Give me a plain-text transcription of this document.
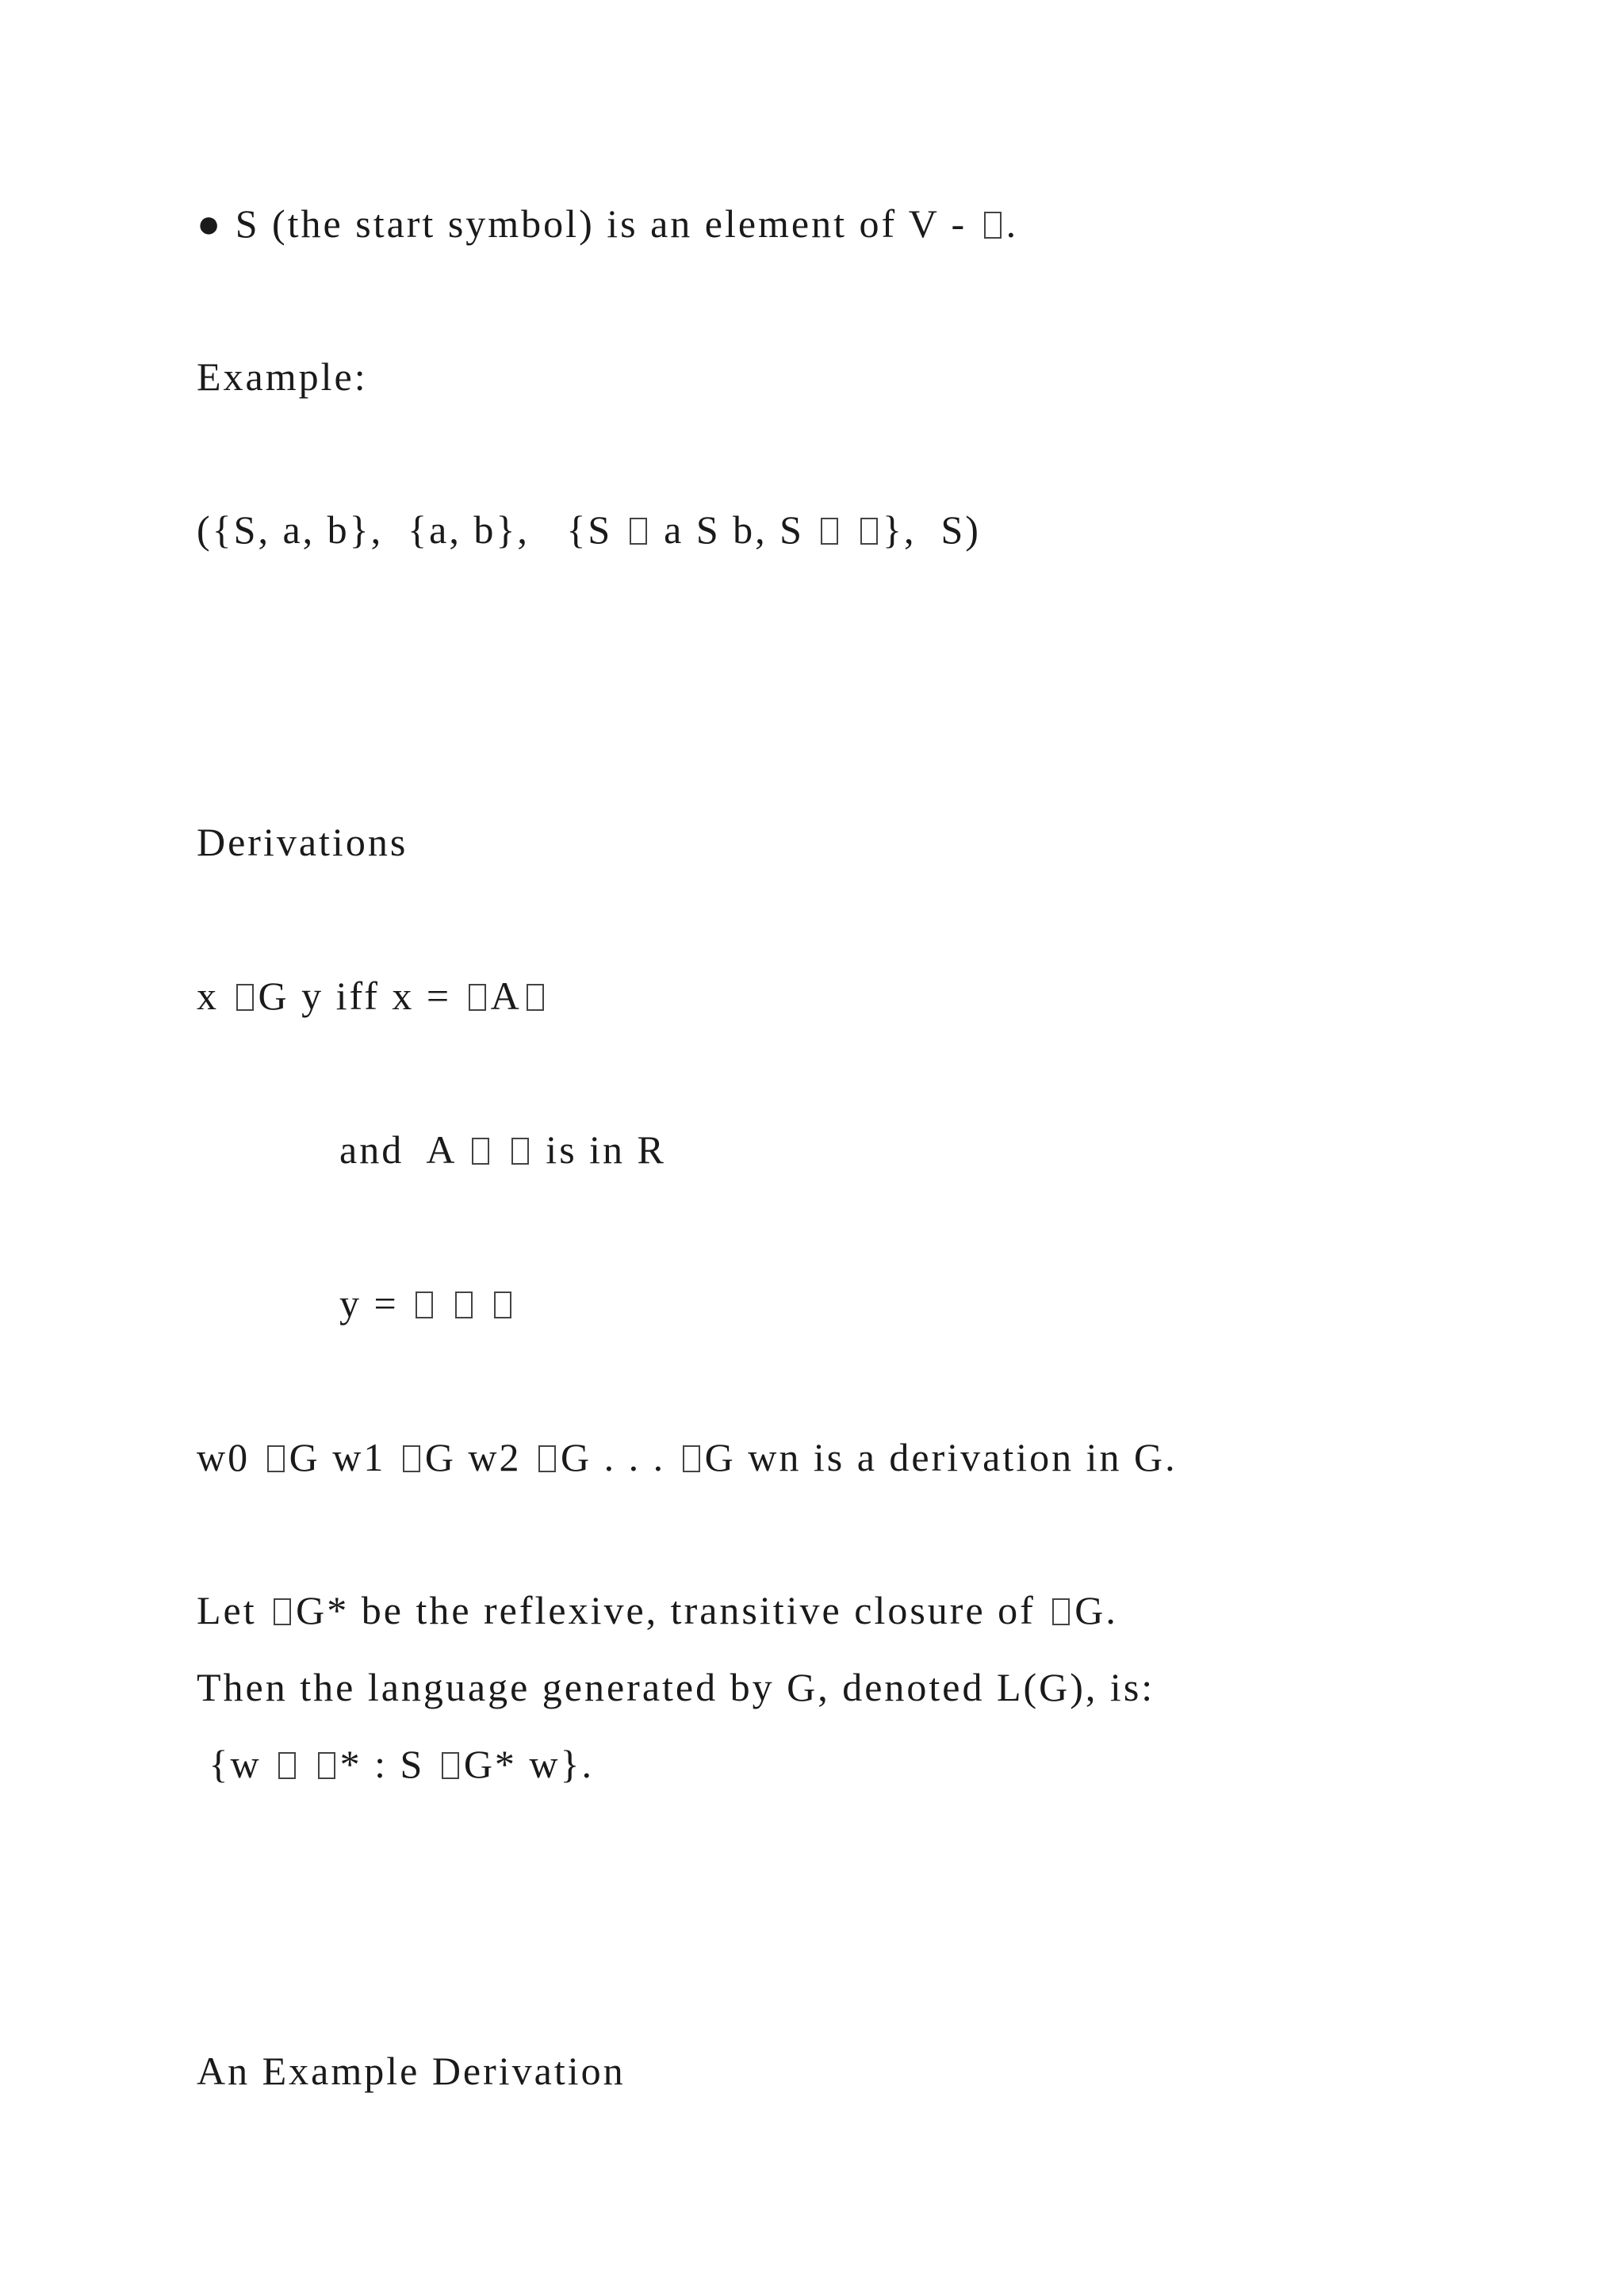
● S (the start symbol) is an element of V - .
Example:
({S, a, b},  {a, b},   {S  a S b, S  },  S)
Derivations
x G y iff x = A
and  A   is in R
y =
w0 G w1 G w2 G . . . G wn is a derivation in G.
Let G* be the reflexive, transitive closure of G.
Then the language generated by G, denoted L(G), is:
{w  * : S G* w}.
An Example Derivation
